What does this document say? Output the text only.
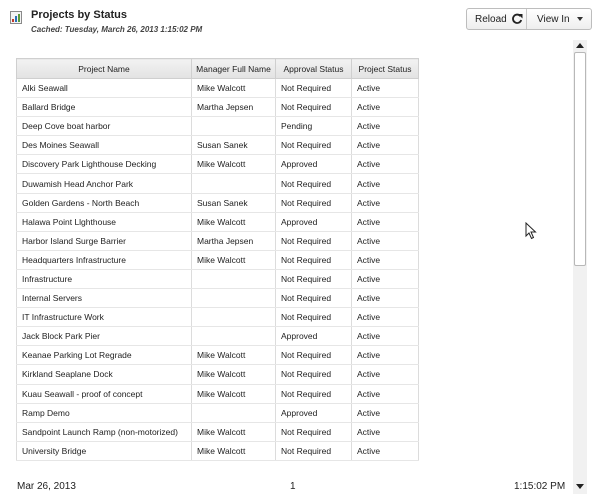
Projects by Status
Cached: Tuesday, March 26, 2013 1:15:02 PM
Reload	View In
Project Name	Manager Full Name	Approval Status	Project Status
Alki Seawall	Mike Walcott	Not Required	Active
Ballard Bridge	Martha Jepsen	Not Required	Active
Deep Cove boat harbor		Pending	Active
Des Moines Seawall	Susan Sanek	Not Required	Active
Discovery Park Lighthouse Decking	Mike Walcott	Approved	Active
Duwamish Head Anchor Park		Not Required	Active
Golden Gardens - North Beach	Susan Sanek	Not Required	Active
Halawa Point Llghthouse	Mike Walcott	Approved	Active
Harbor Island Surge Barrier	Martha Jepsen	Not Required	Active
Headquarters Infrastructure	Mike Walcott	Not Required	Active
Infrastructure		Not Required	Active
Internal Servers		Not Required	Active
IT Infrastructure Work		Not Required	Active
Jack Block Park Pier		Approved	Active
Keanae Parking Lot Regrade	Mike Walcott	Not Required	Active
Kirkland Seaplane Dock	Mike Walcott	Not Required	Active
Kuau Seawall - proof of concept	Mike Walcott	Not Required	Active
Ramp Demo		Approved	Active
Sandpoint Launch Ramp (non-motorized)	Mike Walcott	Not Required	Active
University Bridge	Mike Walcott	Not Required	Active
Mar 26, 2013	1	1:15:02 PM
